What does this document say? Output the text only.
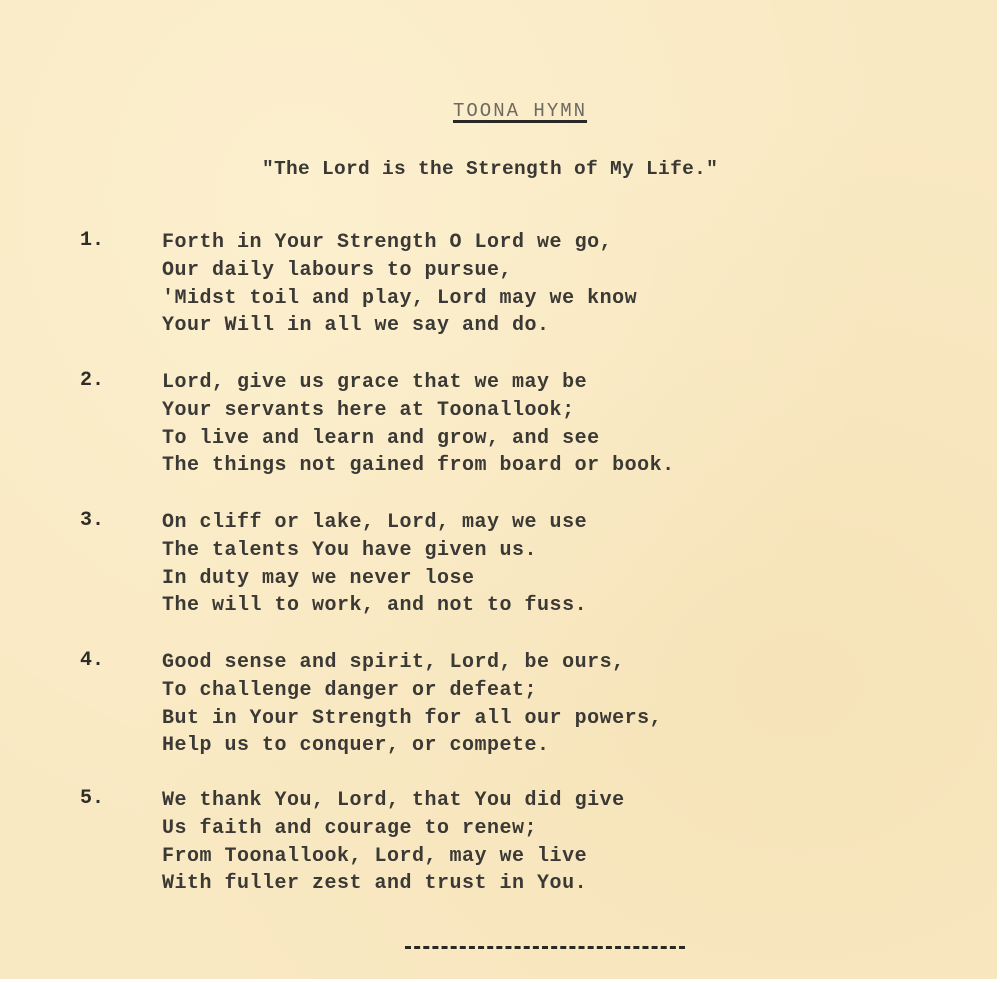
TOONA HYMN
"The Lord is the Strength of My Life."
1.	Forth in Your Strength O Lord we go,
Our daily labours to pursue,
'Midst toil and play, Lord may we know
Your Will in all we say and do.
2.	Lord, give us grace that we may be
Your servants here at Toonallook;
To live and learn and grow, and see
The things not gained from board or book.
3.	On cliff or lake, Lord, may we use
The talents You have given us.
In duty may we never lose
The will to work, and not to fuss.
4.	Good sense and spirit, Lord, be ours,
To challenge danger or defeat;
But in Your Strength for all our powers,
Help us to conquer, or compete.
5.	We thank You, Lord, that You did give
Us faith and courage to renew;
From Toonallook, Lord, may we live
With fuller zest and trust in You.
